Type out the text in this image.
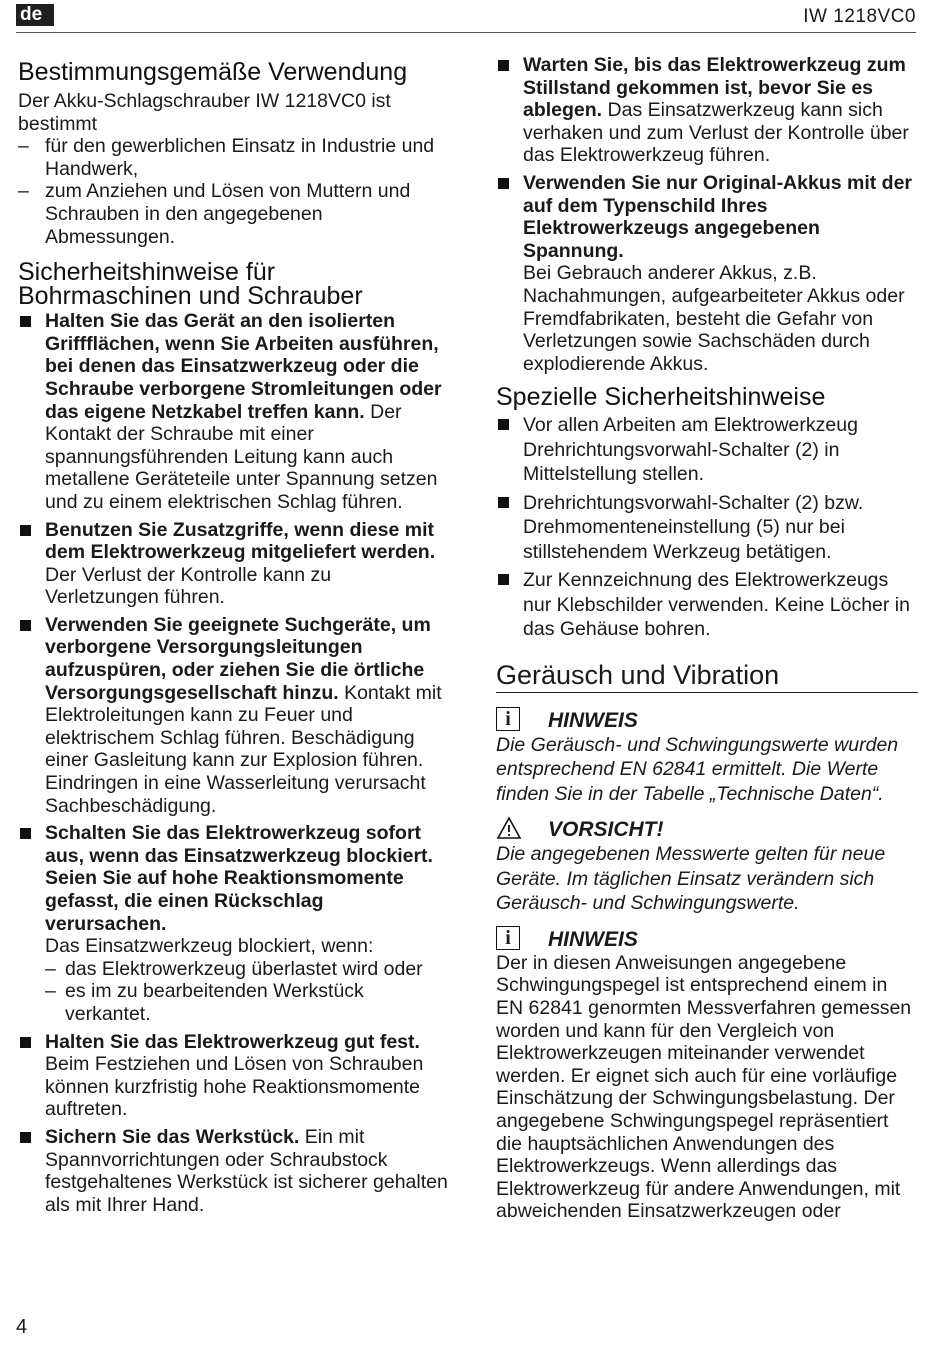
de	IW 1218VC0
Bestimmungsgemäße Verwendung
Der Akku-Schlagschrauber IW 1218VC0 ist bestimmt
– für den gewerblichen Einsatz in Industrie und Handwerk,
– zum Anziehen und Lösen von Muttern und Schrauben in den angegebenen Abmessungen.
Sicherheitshinweise für Bohrmaschinen und Schrauber
Halten Sie das Gerät an den isolierten Griffflächen, wenn Sie Arbeiten ausführen, bei denen das Einsatzwerkzeug oder die Schraube verborgene Stromleitungen oder das eigene Netzkabel treffen kann. Der Kontakt der Schraube mit einer spannungsführenden Leitung kann auch metallene Geräteteile unter Spannung setzen und zu einem elektrischen Schlag führen.
Benutzen Sie Zusatzgriffe, wenn diese mit dem Elektrowerkzeug mitgeliefert werden. Der Verlust der Kontrolle kann zu Verletzungen führen.
Verwenden Sie geeignete Suchgeräte, um verborgene Versorgungsleitungen aufzuspüren, oder ziehen Sie die örtliche Versorgungsgesellschaft hinzu. Kontakt mit Elektroleitungen kann zu Feuer und elektrischem Schlag führen. Beschädigung einer Gasleitung kann zur Explosion führen. Eindringen in eine Wasserleitung verursacht Sachbeschädigung.
Schalten Sie das Elektrowerkzeug sofort aus, wenn das Einsatzwerkzeug blockiert. Seien Sie auf hohe Reaktionsmomente gefasst, die einen Rückschlag verursachen.
Das Einsatzwerkzeug blockiert, wenn:
– das Elektrowerkzeug überlastet wird oder
– es im zu bearbeitenden Werkstück verkantet.
Halten Sie das Elektrowerkzeug gut fest.
Beim Festziehen und Lösen von Schrauben können kurzfristig hohe Reaktionsmomente auftreten.
Sichern Sie das Werkstück. Ein mit Spannvorrichtungen oder Schraubstock festgehaltenes Werkstück ist sicherer gehalten als mit Ihrer Hand.
Warten Sie, bis das Elektrowerkzeug zum Stillstand gekommen ist, bevor Sie es ablegen. Das Einsatzwerkzeug kann sich verhaken und zum Verlust der Kontrolle über das Elektrowerkzeug führen.
Verwenden Sie nur Original-Akkus mit der auf dem Typenschild Ihres Elektrowerkzeugs angegebenen Spannung.
Bei Gebrauch anderer Akkus, z.B. Nachahmungen, aufgearbeiteter Akkus oder Fremdfabrikaten, besteht die Gefahr von Verletzungen sowie Sachschäden durch explodierende Akkus.
Spezielle Sicherheitshinweise
Vor allen Arbeiten am Elektrowerkzeug Drehrichtungsvorwahl-Schalter (2) in Mittelstellung stellen.
Drehrichtungsvorwahl-Schalter (2) bzw. Drehmomenteneinstellung (5) nur bei stillstehendem Werkzeug betätigen.
Zur Kennzeichnung des Elektrowerkzeugs nur Klebschilder verwenden. Keine Löcher in das Gehäuse bohren.
Geräusch und Vibration
i	HINWEIS
Die Geräusch- und Schwingungswerte wurden entsprechend EN 62841 ermittelt. Die Werte finden Sie in der Tabelle „Technische Daten“.
VORSICHT!
Die angegebenen Messwerte gelten für neue Geräte. Im täglichen Einsatz verändern sich Geräusch- und Schwingungswerte.
i	HINWEIS
Der in diesen Anweisungen angegebene Schwingungspegel ist entsprechend einem in EN 62841 genormten Messverfahren gemessen worden und kann für den Vergleich von Elektrowerkzeugen miteinander verwendet werden. Er eignet sich auch für eine vorläufige Einschätzung der Schwingungsbelastung. Der angegebene Schwingungspegel repräsentiert die hauptsächlichen Anwendungen des Elektrowerkzeugs. Wenn allerdings das Elektrowerkzeug für andere Anwendungen, mit abweichenden Einsatzwerkzeugen oder
4
